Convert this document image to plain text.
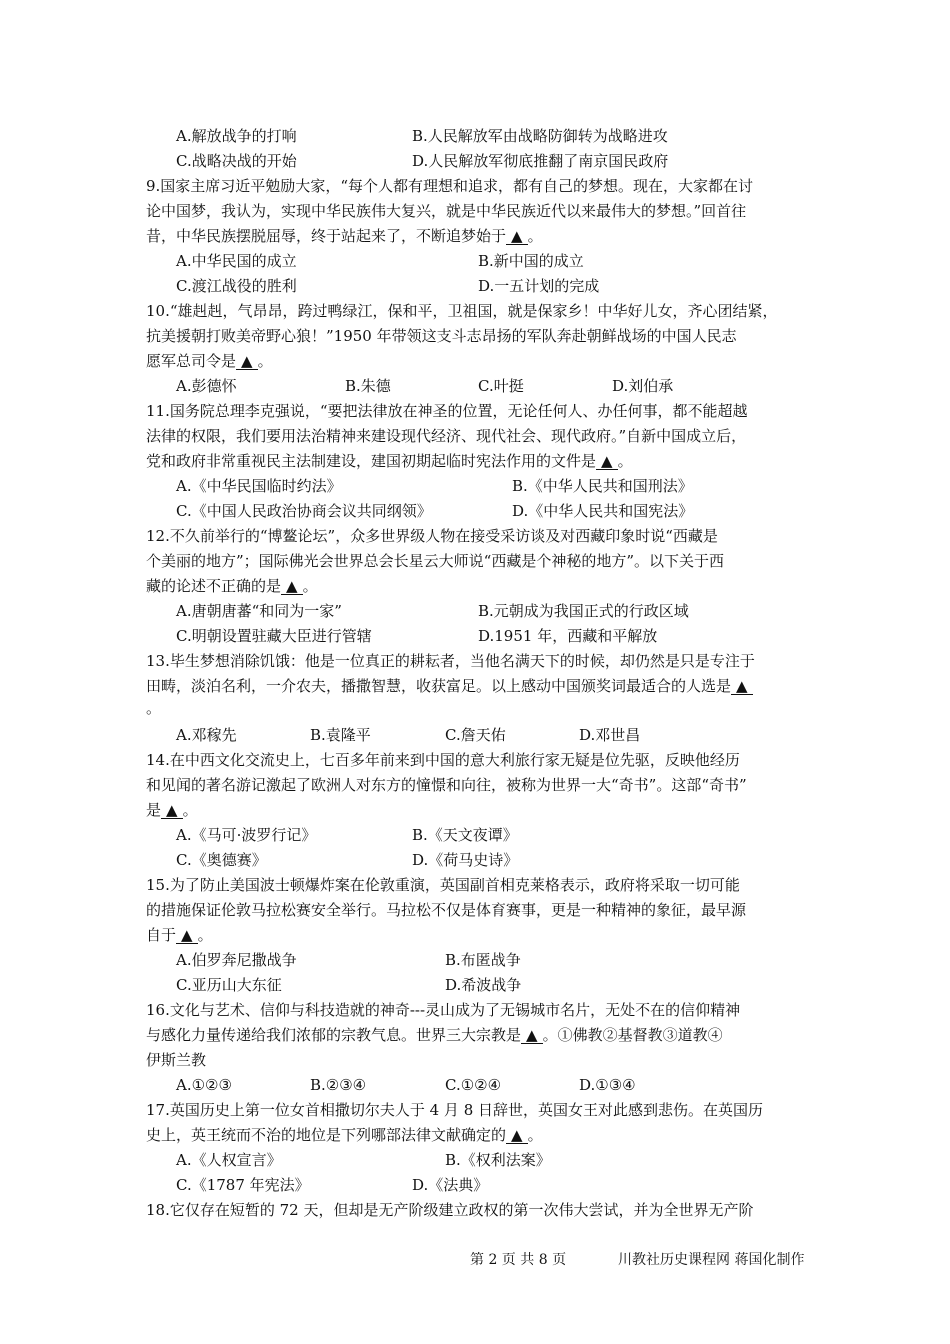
A.解放战争的打响	B.人民解放军由战略防御转为战略进攻
C.战略决战的开始	D.人民解放军彻底推翻了南京国民政府
9.国家主席习近平勉励大家，“每个人都有理想和追求，都有自己的梦想。现在，大家都在讨
论中国梦，我认为，实现中华民族伟大复兴，就是中华民族近代以来最伟大的梦想。”回首往
昔，中华民族摆脱屈辱，终于站起来了，不断追梦始于 ▲ 。
A.中华民国的成立	B.新中国的成立
C.渡江战役的胜利	D.一五计划的完成
10.“雄赳赳，气昂昂，跨过鸭绿江，保和平，卫祖国，就是保家乡！中华好儿女，齐心团结紧，
抗美援朝打败美帝野心狼！”1950 年带领这支斗志昂扬的军队奔赴朝鲜战场的中国人民志
愿军总司令是 ▲ 。
A.彭德怀	B.朱德	C.叶挺	D.刘伯承
11.国务院总理李克强说，“要把法律放在神圣的位置，无论任何人、办任何事，都不能超越
法律的权限，我们要用法治精神来建设现代经济、现代社会、现代政府。”自新中国成立后，
党和政府非常重视民主法制建设，建国初期起临时宪法作用的文件是 ▲ 。
A.《中华民国临时约法》	B.《中华人民共和国刑法》
C.《中国人民政治协商会议共同纲领》	D.《中华人民共和国宪法》
12.不久前举行的“博鳌论坛”，众多世界级人物在接受采访谈及对西藏印象时说“西藏是
个美丽的地方”；国际佛光会世界总会长星云大师说“西藏是个神秘的地方”。以下关于西
藏的论述不正确的是 ▲ 。
A.唐朝唐蕃“和同为一家”	B.元朝成为我国正式的行政区域
C.明朝设置驻藏大臣进行管辖	D.1951 年，西藏和平解放
13.毕生梦想消除饥饿：他是一位真正的耕耘者，当他名满天下的时候，却仍然是只是专注于
田畴，淡泊名利，一介农夫，播撒智慧，收获富足。以上感动中国颁奖词最适合的人选是 ▲
。
A.邓稼先	B.袁隆平	C.詹天佑	D.邓世昌
14.在中西文化交流史上，七百多年前来到中国的意大利旅行家无疑是位先驱，反映他经历
和见闻的著名游记激起了欧洲人对东方的憧憬和向往，被称为世界一大“奇书”。这部“奇书”
是 ▲ 。
A.《马可·波罗行记》	B.《天文夜谭》
C.《奥德赛》	D.《荷马史诗》
15.为了防止美国波士顿爆炸案在伦敦重演，英国副首相克莱格表示，政府将采取一切可能
的措施保证伦敦马拉松赛安全举行。马拉松不仅是体育赛事，更是一种精神的象征，最早源
自于 ▲ 。
A.伯罗奔尼撒战争	B.布匿战争
C.亚历山大东征	D.希波战争
16.文化与艺术、信仰与科技造就的神奇---灵山成为了无锡城市名片，无处不在的信仰精神
与感化力量传递给我们浓郁的宗教气息。世界三大宗教是 ▲ 。①佛教②基督教③道教④
伊斯兰教
A.①②③	B.②③④	C.①②④	D.①③④
17.英国历史上第一位女首相撒切尔夫人于 4 月 8 日辞世，英国女王对此感到悲伤。在英国历
史上，英王统而不治的地位是下列哪部法律文献确定的 ▲ 。
A.《人权宣言》	B.《权利法案》
C.《1787 年宪法》	D.《法典》
18.它仅存在短暂的 72 天，但却是无产阶级建立政权的第一次伟大尝试，并为全世界无产阶
第 2 页 共 8 页	川教社历史课程网 蒋国化制作
